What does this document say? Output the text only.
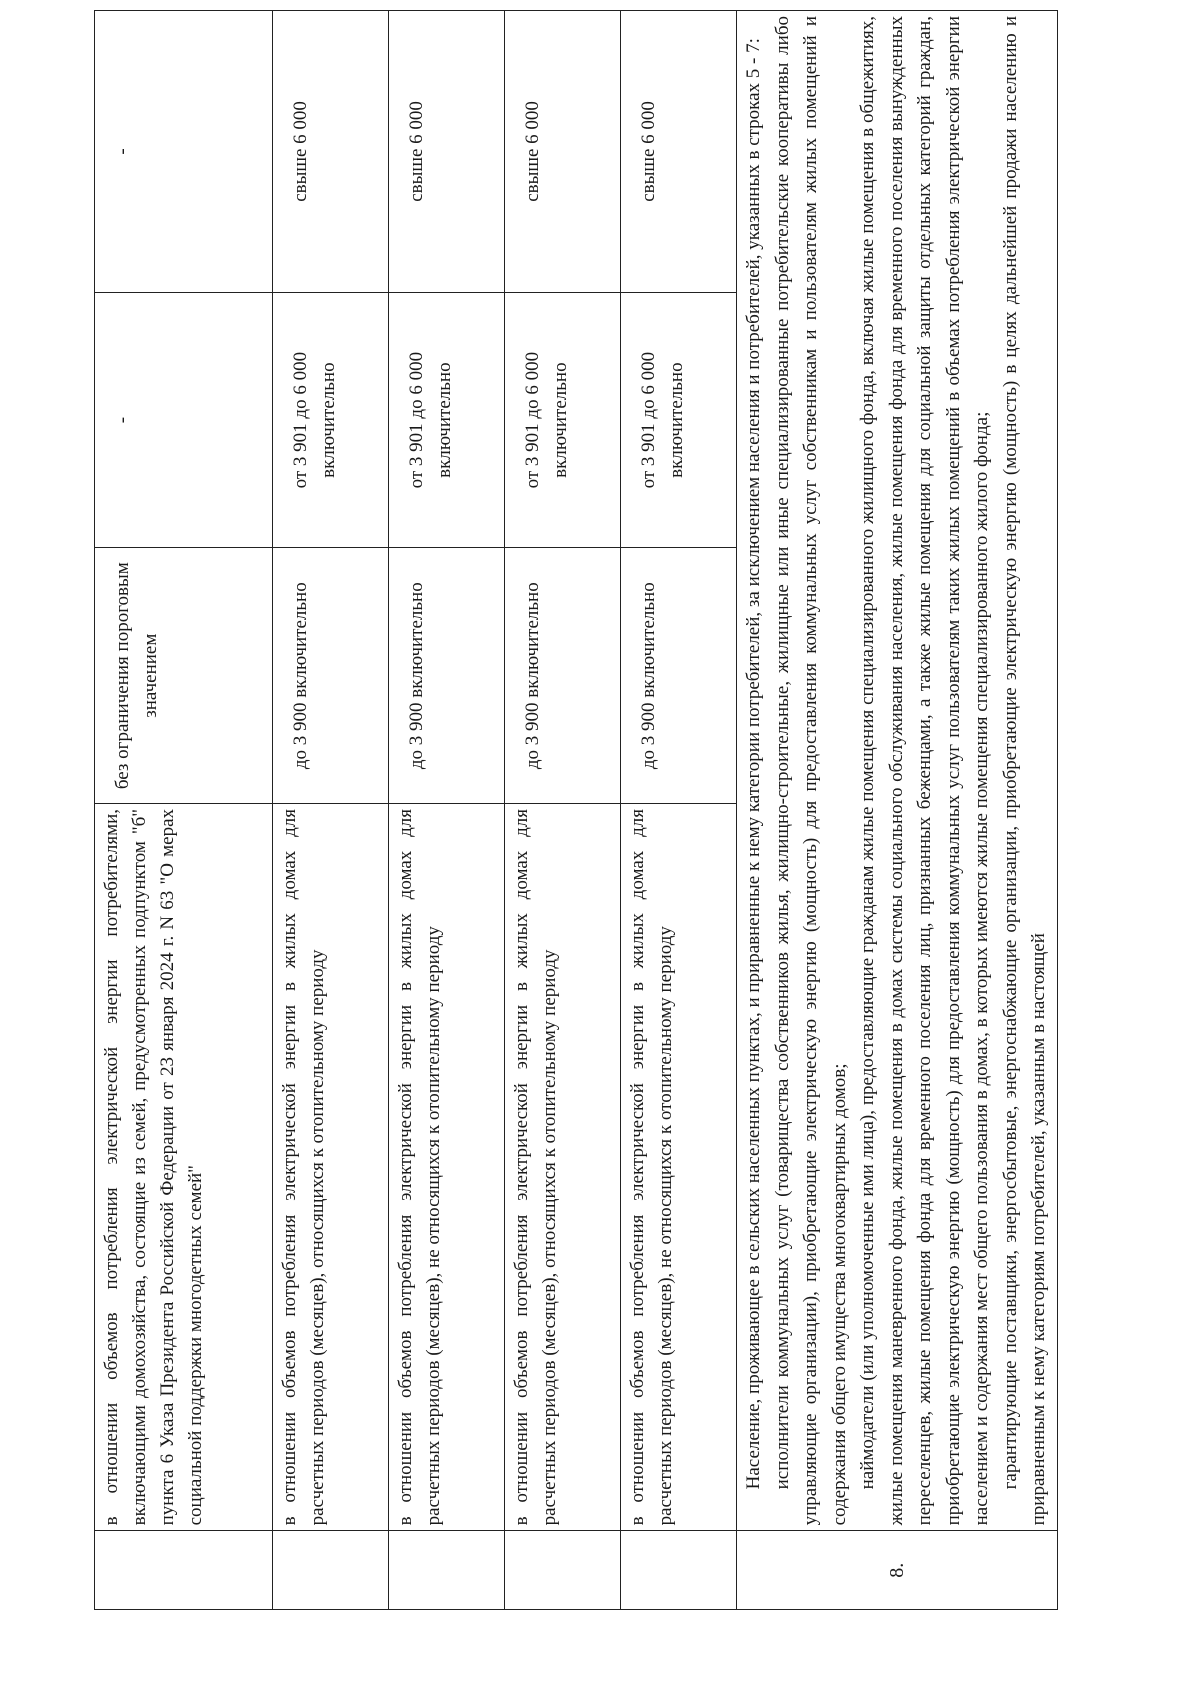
	в отношении объемов потребления электрической энергии потребителями, включающими домохозяйства, состоящие из семей, предусмотренных подпунктом "б" пункта 6 Указа Президента Российской Федерации от 23 января 2024 г. N 63 "О мерах социальной поддержки многодетных семей"	без ограничения пороговым значением	-	-
	в отношении объемов потребления электрической энергии в жилых домах для расчетных периодов (месяцев), относящихся к отопительному периоду	до 3 900 включительно	от 3 901 до 6 000 включительно	свыше 6 000
	в отношении объемов потребления электрической энергии в жилых домах для расчетных периодов (месяцев), не относящихся к отопительному периоду	до 3 900 включительно	от 3 901 до 6 000 включительно	свыше 6 000
	в отношении объемов потребления электрической энергии в жилых домах для расчетных периодов (месяцев), относящихся к отопительному периоду	до 3 900 включительно	от 3 901 до 6 000 включительно	свыше 6 000
	в отношении объемов потребления электрической энергии в жилых домах для расчетных периодов (месяцев), не относящихся к отопительному периоду	до 3 900 включительно	от 3 901 до 6 000 включительно	свыше 6 000
8.	Население, проживающее в сельских населенных пунктах, и приравненные к нему категории потребителей, за исключением населения и потребителей, указанных в строках 5 - 7: исполнители коммунальных услуг (товарищества собственников жилья, жилищно-строительные, жилищные или иные специализированные потребительские кооперативы либо управляющие организации), приобретающие электрическую энергию (мощность) для предоставления коммунальных услуг собственникам и пользователям жилых помещений и содержания общего имущества многоквартирных домов; наймодатели (или уполномоченные ими лица), предоставляющие гражданам жилые помещения специализированного жилищного фонда, включая жилые помещения в общежитиях, жилые помещения маневренного фонда, жилые помещения в домах системы социального обслуживания населения, жилые помещения фонда для временного поселения вынужденных переселенцев, жилые помещения фонда для временного поселения лиц, признанных беженцами, а также жилые помещения для социальной защиты отдельных категорий граждан, приобретающие электрическую энергию (мощность) для предоставления коммунальных услуг пользователям таких жилых помещений в объемах потребления электрической энергии населением и содержания мест общего пользования в домах, в которых имеются жилые помещения специализированного жилого фонда; гарантирующие поставщики, энергосбытовые, энергоснабжающие организации, приобретающие электрическую энергию (мощность) в целях дальнейшей продажи населению и приравненным к нему категориям потребителей, указанным в настоящей			
